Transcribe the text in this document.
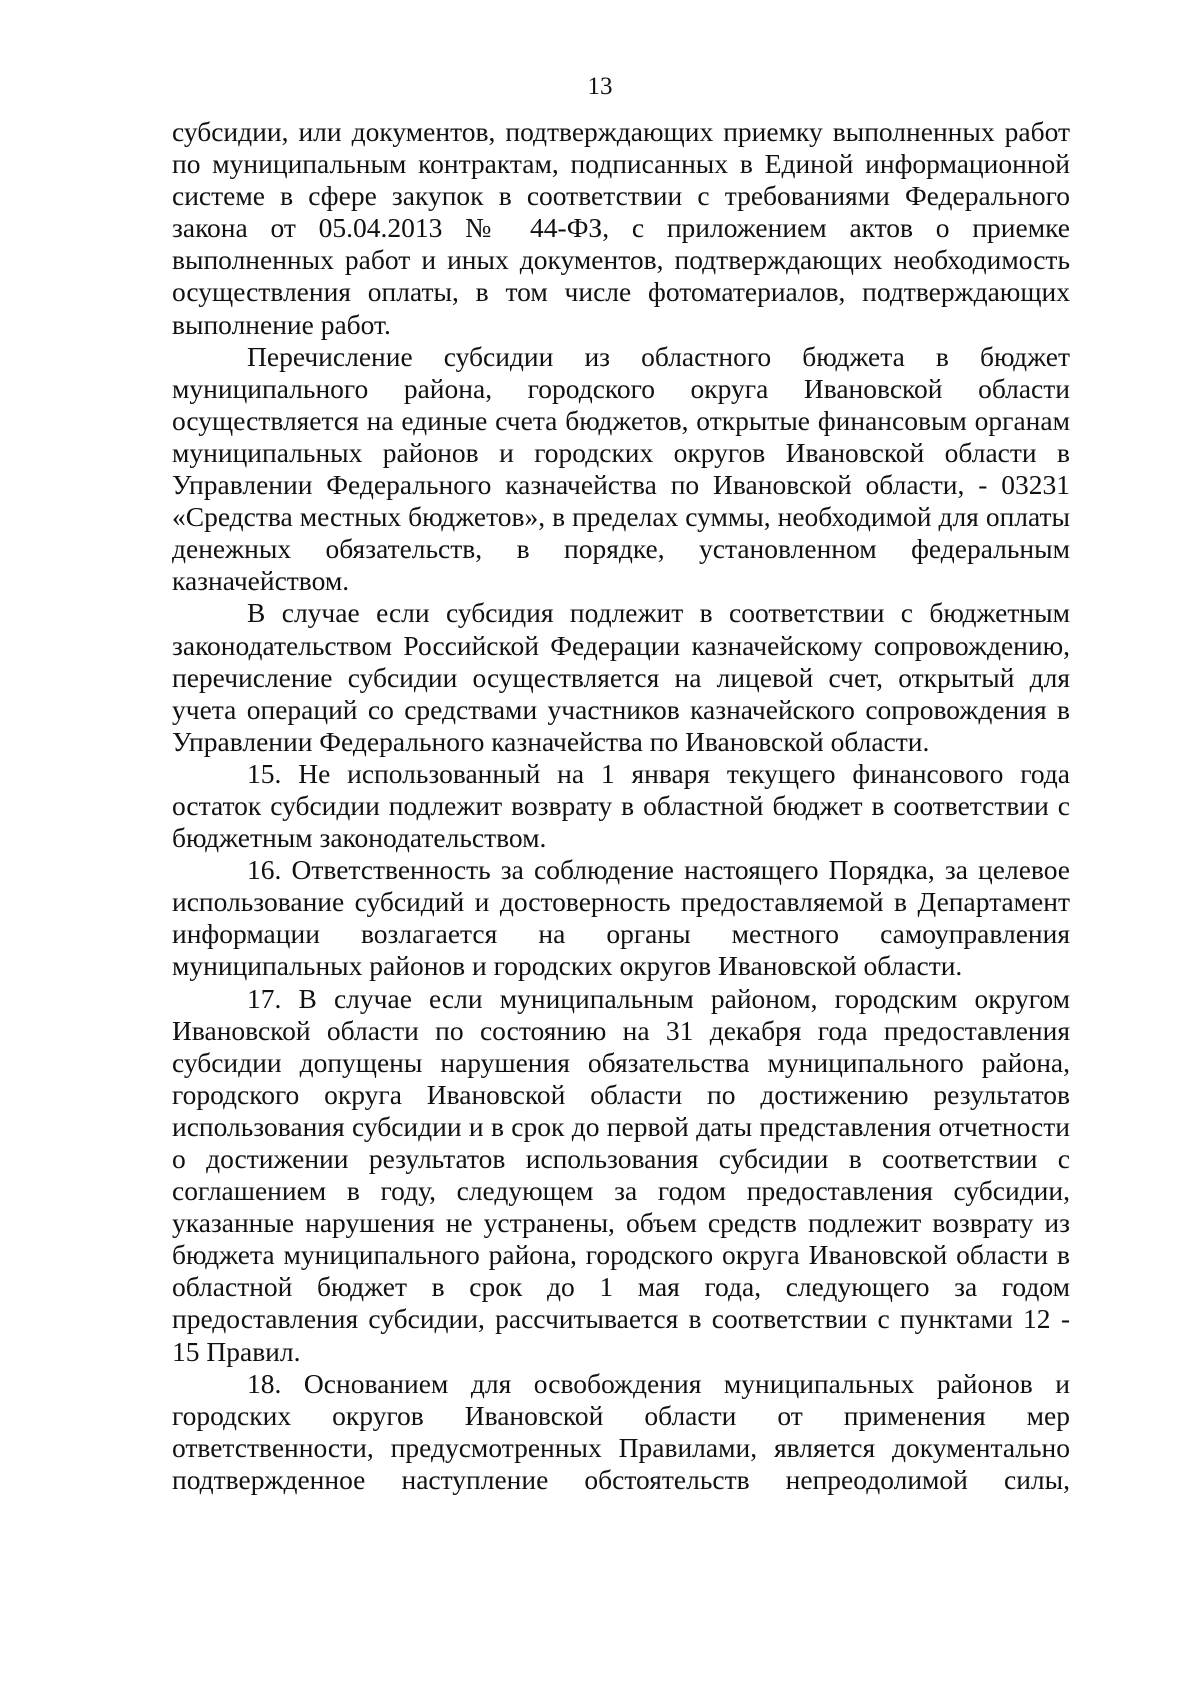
13

субсидии, или документов, подтверждающих приемку выполненных работ по муниципальным контрактам, подписанных в Единой информационной системе в сфере закупок в соответствии с требованиями Федерального закона от 05.04.2013 № 44-ФЗ, с приложением актов о приемке выполненных работ и иных документов, подтверждающих необходимость осуществления оплаты, в том числе фотоматериалов, подтверждающих выполнение работ.

Перечисление субсидии из областного бюджета в бюджет муниципального района, городского округа Ивановской области осуществляется на единые счета бюджетов, открытые финансовым органам муниципальных районов и городских округов Ивановской области в Управлении Федерального казначейства по Ивановской области, - 03231 «Средства местных бюджетов», в пределах суммы, необходимой для оплаты денежных обязательств, в порядке, установленном федеральным казначейством.

В случае если субсидия подлежит в соответствии с бюджетным законодательством Российской Федерации казначейскому сопровождению, перечисление субсидии осуществляется на лицевой счет, открытый для учета операций со средствами участников казначейского сопровождения в Управлении Федерального казначейства по Ивановской области.

15. Не использованный на 1 января текущего финансового года остаток субсидии подлежит возврату в областной бюджет в соответствии с бюджетным законодательством.

16. Ответственность за соблюдение настоящего Порядка, за целевое использование субсидий и достоверность предоставляемой в Департамент информации возлагается на органы местного самоуправления муниципальных районов и городских округов Ивановской области.

17. В случае если муниципальным районом, городским округом Ивановской области по состоянию на 31 декабря года предоставления субсидии допущены нарушения обязательства муниципального района, городского округа Ивановской области по достижению результатов использования субсидии и в срок до первой даты представления отчетности о достижении результатов использования субсидии в соответствии с соглашением в году, следующем за годом предоставления субсидии, указанные нарушения не устранены, объем средств подлежит возврату из бюджета муниципального района, городского округа Ивановской области в областной бюджет в срок до 1 мая года, следующего за годом предоставления субсидии, рассчитывается в соответствии с пунктами 12 - 15 Правил.

18. Основанием для освобождения муниципальных районов и городских округов Ивановской области от применения мер ответственности, предусмотренных Правилами, является документально подтвержденное наступление обстоятельств непреодолимой силы,
